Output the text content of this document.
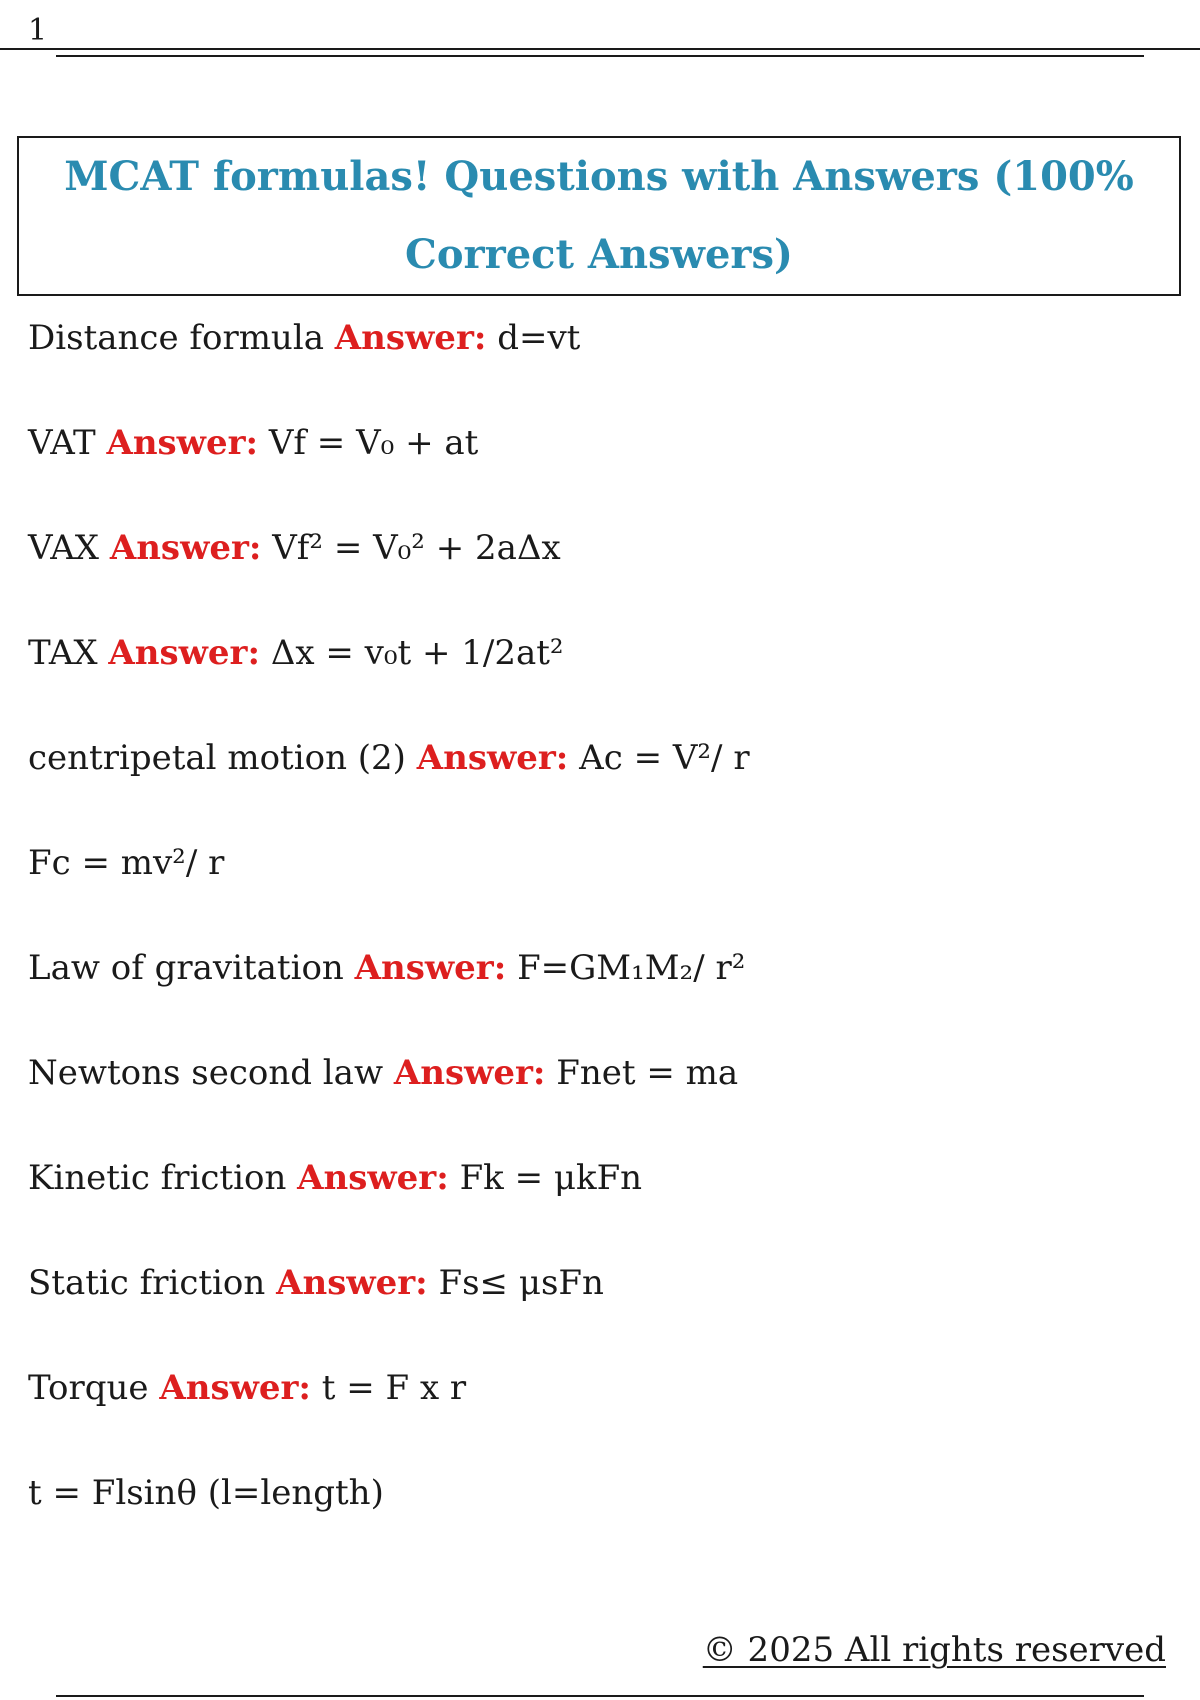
1
MCAT formulas! Questions with Answers (100% Correct Answers)
Distance formula Answer: d=vt
VAT Answer: Vf = V₀ + at
VAX Answer: Vf² = V₀² + 2aΔx
TAX Answer: Δx = v₀t + 1/2at²
centripetal motion (2) Answer: Ac = V²/ r
Fc = mv²/ r
Law of gravitation Answer: F=GM₁M₂/ r²
Newtons second law Answer: Fnet = ma
Kinetic friction Answer: Fk = μkFn
Static friction Answer: Fs≤ μsFn
Torque Answer: t = F x r
t = Flsinθ (l=length)
© 2025 All rights reserved
